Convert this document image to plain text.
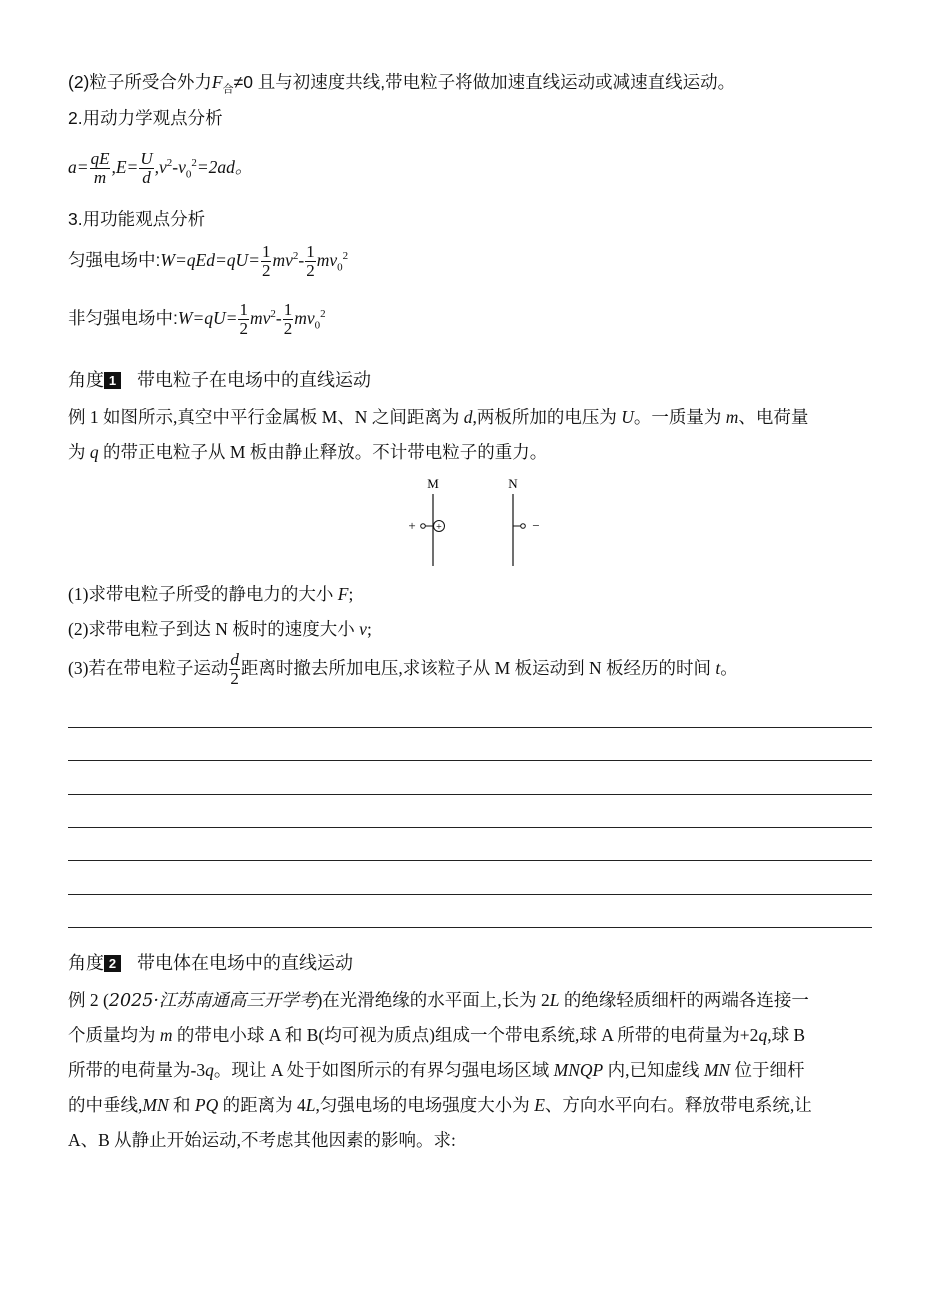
(2)粒子所受合外力$F_合\ne 0$ 且与初速度共线,带电粒子将做加速直线运动或减速直线运动。
2.用动力学观点分析
$a= \frac{qE}{m} ,E= \frac{U}{d} ,v^2-v_0^2=2ad$。
3.用功能观点分析
匀强电场中:W=qEd=qU= $\frac{1}{2} mv^2- \frac{1}{2} mv_0^2$
非匀强电场中:W=qU= $\frac{1}{2} mv^2- \frac{1}{2} mv_0^2$
角度 1 带电粒子在电场中的直线运动
例 1 如图所示,真空中平行金属板 M、N 之间距离为 d,两板所加的电压为 U。一质量为 m、电荷量
为 q 的带正电粒子从 M 板由静止释放。不计带电粒子的重力。
M	N
+ +	−
(1)求带电粒子所受的静电力的大小 F;
(2)求带电粒子到达 N 板时的速度大小 v;
(3)若在带电粒子运动 $\frac{d}{2}$ 距离时撤去所加电压,求该粒子从 M 板运动到 N 板经历的时间 t。
角度 2 带电体在电场中的直线运动
例 2 (2025·江苏南通高三开学考)在光滑绝缘的水平面上,长为 2L 的绝缘轻质细杆的两端各连接一
个质量均为 m 的带电小球 A 和 B(均可视为质点)组成一个带电系统,球 A 所带的电荷量为+2q,球 B
所带的电荷量为-3q。现让 A 处于如图所示的有界匀强电场区域 MNQP 内,已知虚线 MN 位于细杆
的中垂线,MN 和 PQ 的距离为 4L,匀强电场的电场强度大小为 E、方向水平向右。释放带电系统,让
A、B 从静止开始运动,不考虑其他因素的影响。求:
